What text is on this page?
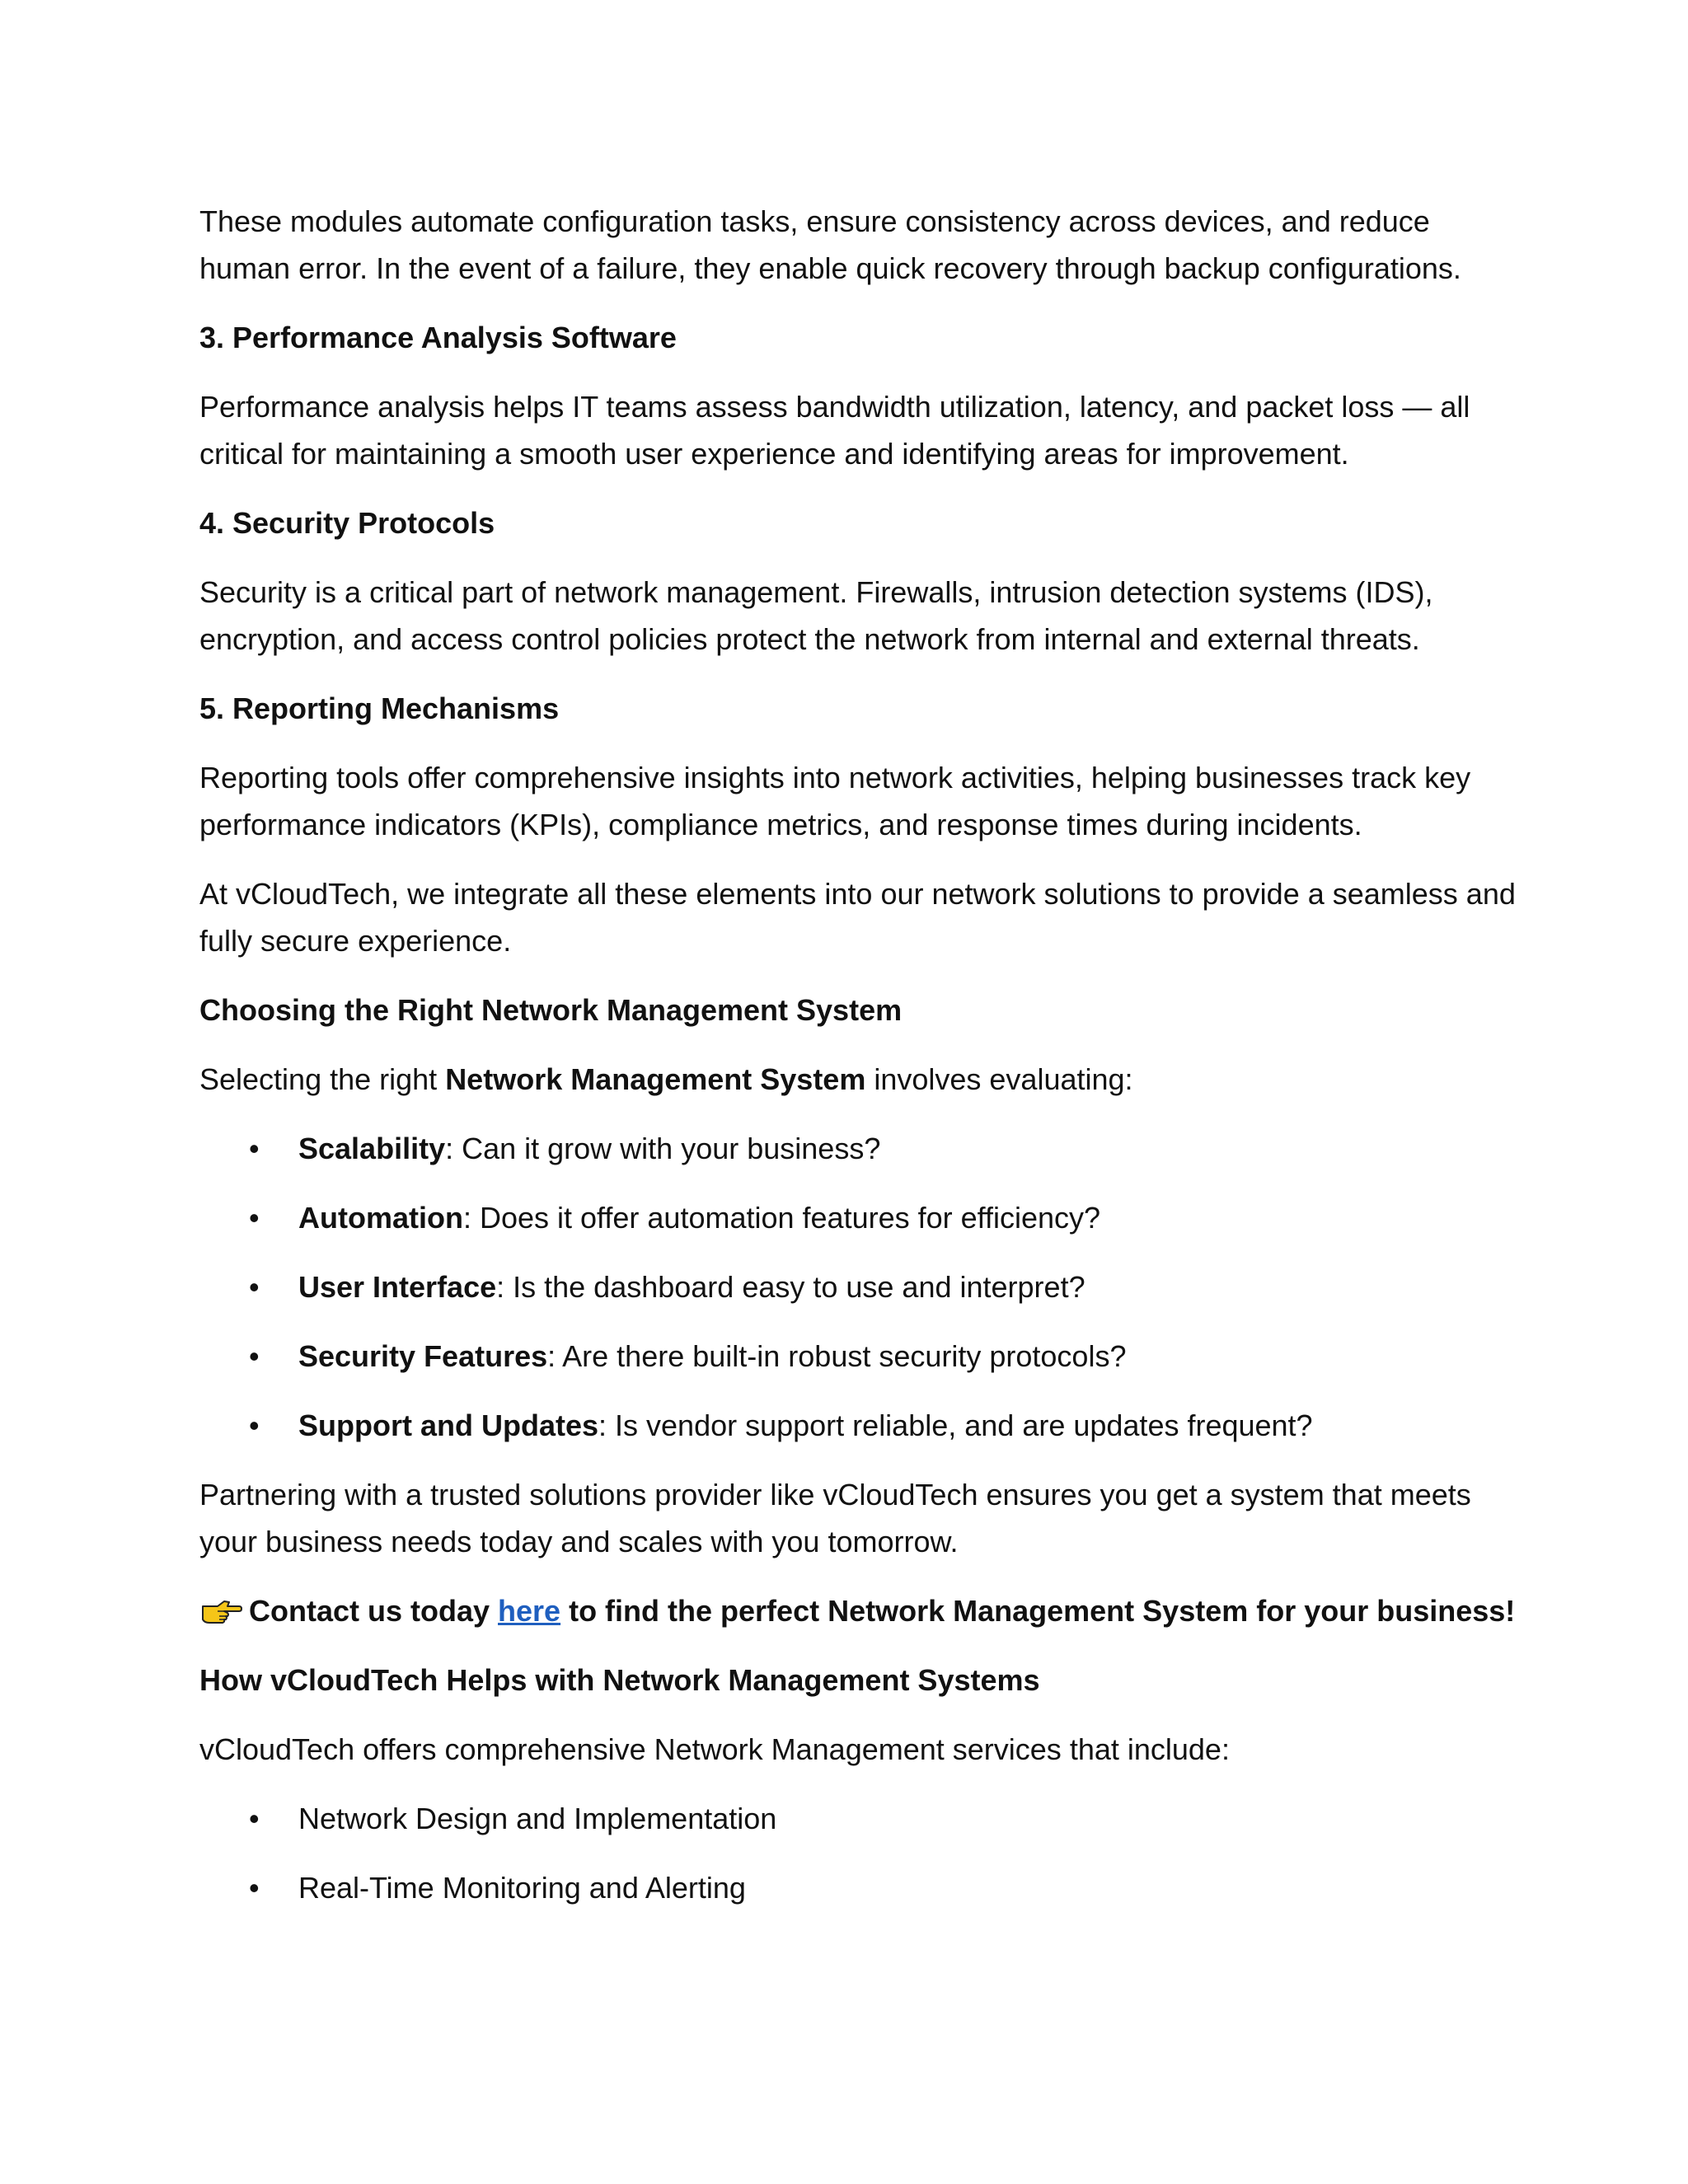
These modules automate configuration tasks, ensure consistency across devices, and reduce human error. In the event of a failure, they enable quick recovery through backup configurations.

3. Performance Analysis Software

Performance analysis helps IT teams assess bandwidth utilization, latency, and packet loss — all critical for maintaining a smooth user experience and identifying areas for improvement.

4. Security Protocols

Security is a critical part of network management. Firewalls, intrusion detection systems (IDS), encryption, and access control policies protect the network from internal and external threats.

5. Reporting Mechanisms

Reporting tools offer comprehensive insights into network activities, helping businesses track key performance indicators (KPIs), compliance metrics, and response times during incidents.

At vCloudTech, we integrate all these elements into our network solutions to provide a seamless and fully secure experience.

Choosing the Right Network Management System

Selecting the right Network Management System involves evaluating:

• Scalability: Can it grow with your business?
• Automation: Does it offer automation features for efficiency?
• User Interface: Is the dashboard easy to use and interpret?
• Security Features: Are there built-in robust security protocols?
• Support and Updates: Is vendor support reliable, and are updates frequent?

Partnering with a trusted solutions provider like vCloudTech ensures you get a system that meets your business needs today and scales with you tomorrow.

Contact us today here to find the perfect Network Management System for your business!

How vCloudTech Helps with Network Management Systems

vCloudTech offers comprehensive Network Management services that include:

• Network Design and Implementation
• Real-Time Monitoring and Alerting
